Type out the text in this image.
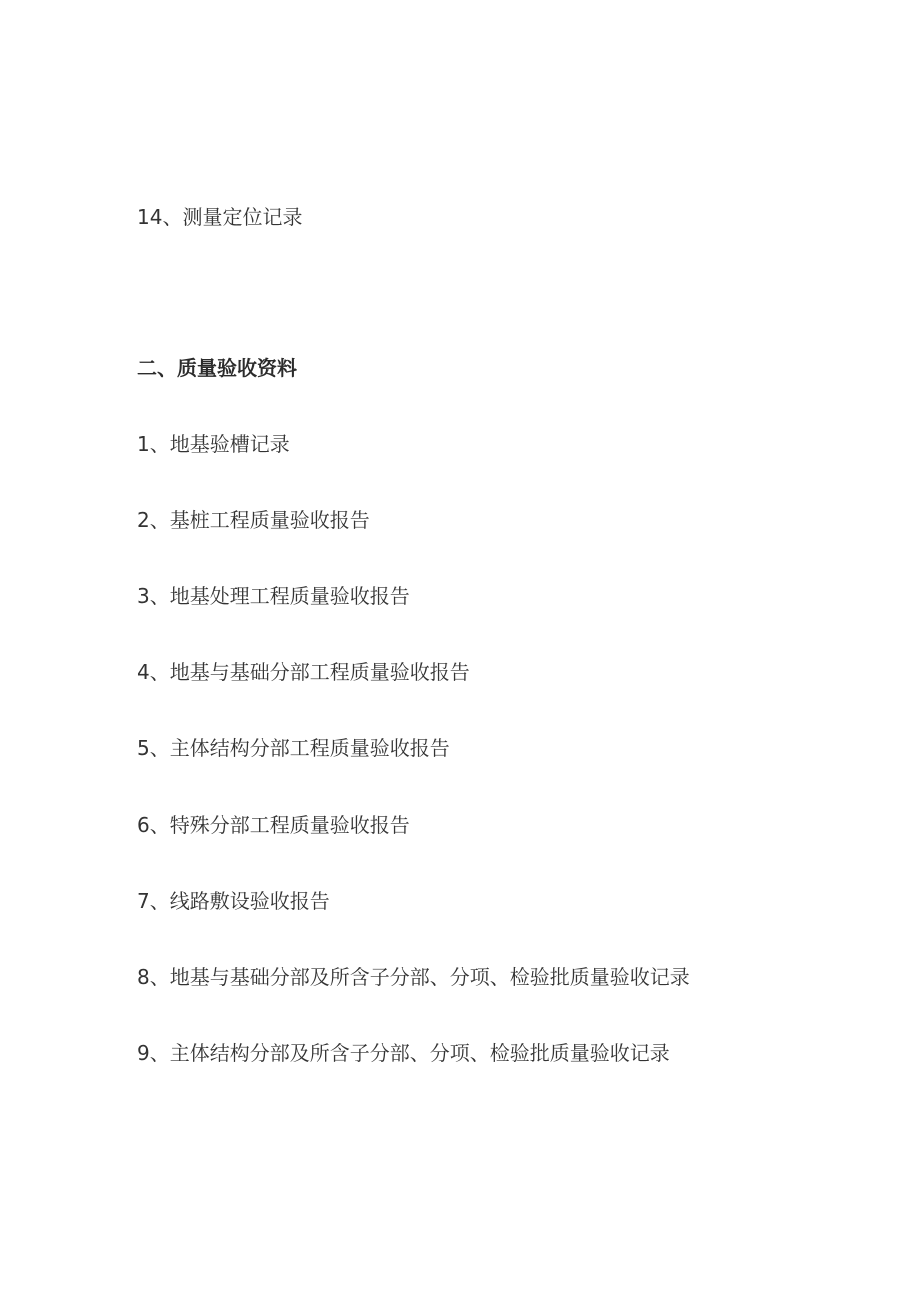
14、测量定位记录
二、质量验收资料
1、地基验槽记录
2、基桩工程质量验收报告
3、地基处理工程质量验收报告
4、地基与基础分部工程质量验收报告
5、主体结构分部工程质量验收报告
6、特殊分部工程质量验收报告
7、线路敷设验收报告
8、地基与基础分部及所含子分部、分项、检验批质量验收记录
9、主体结构分部及所含子分部、分项、检验批质量验收记录
